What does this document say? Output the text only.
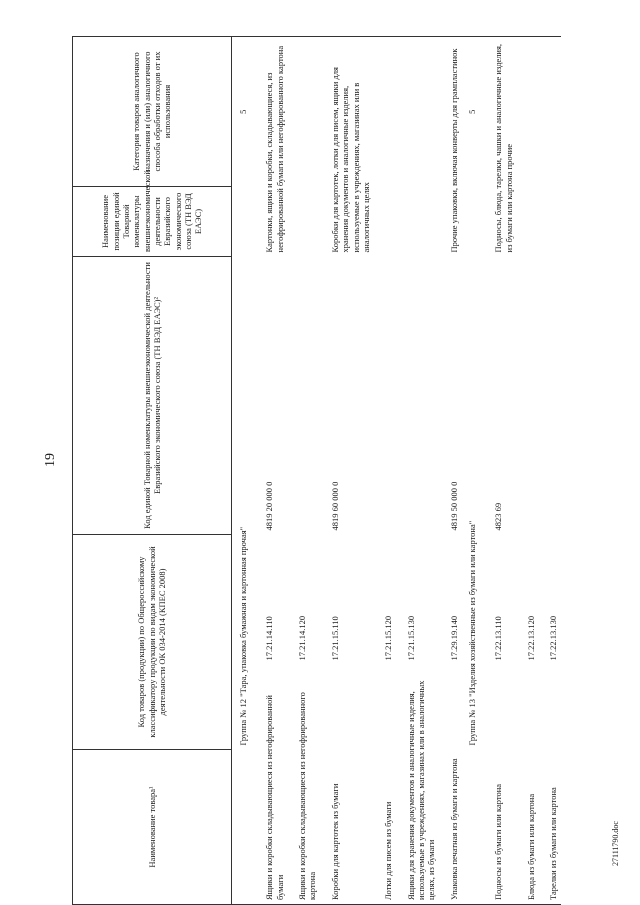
19
27111790.doc
Наименование товара¹	Код товаров (продукции) по Общероссийскому классификатору продукции по видам экономической деятельности ОК 034-2014 (КПЕС 2008)		Код единой Товарной номенклатуры внешнеэкономической деятельности Евразийского экономического союза (ТН ВЭД ЕАЭС)²	Наименование позиции единой Товарной номенклатуры внешнеэкономической деятельности Евразийского экономического союза (ТН ВЭД ЕАЭС)	Категория товаров аналогичного назначения и (или) аналогичного способа обработки отходов от их использования
	Группа № 12 "Тара, упаковка бумажная и картонная прочая"				5
Ящики и коробки складывающиеся из негофрированной бумаги		17.21.14.110	4819 20 000 0	Картонки, ящики и коробки, складывающиеся, из негофрированной бумаги или негофрированного картона	
Ящики и коробки складывающиеся из негофрированного картона		17.21.14.120			
Коробки для картотек из бумаги		17.21.15.110	4819 60 000 0	Коробки для картотек, лотки для писем, ящики для хранения документов и аналогичные изделия, используемые в учреждениях, магазинах или в аналогичных целях	
Лотки для писем из бумаги		17.21.15.120			
Ящики для хранения документов и аналогичные изделия, используемые в учреждениях, магазинах или в аналогичных целях, из бумаги		17.21.15.130			
Упаковка печатная из бумаги и картона		17.29.19.140	4819 50 000 0	Прочие упаковки, включая конверты для грампластинок	
	Группа № 13 "Изделия хозяйственные из бумаги или картона"				5
Подносы из бумаги или картона		17.22.13.110	4823 69	Подносы, блюда, тарелки, чашки и аналогичные изделия, из бумаги или картона прочие	
Блюда из бумаги или картона		17.22.13.120			
Тарелки из бумаги или картона		17.22.13.130			
